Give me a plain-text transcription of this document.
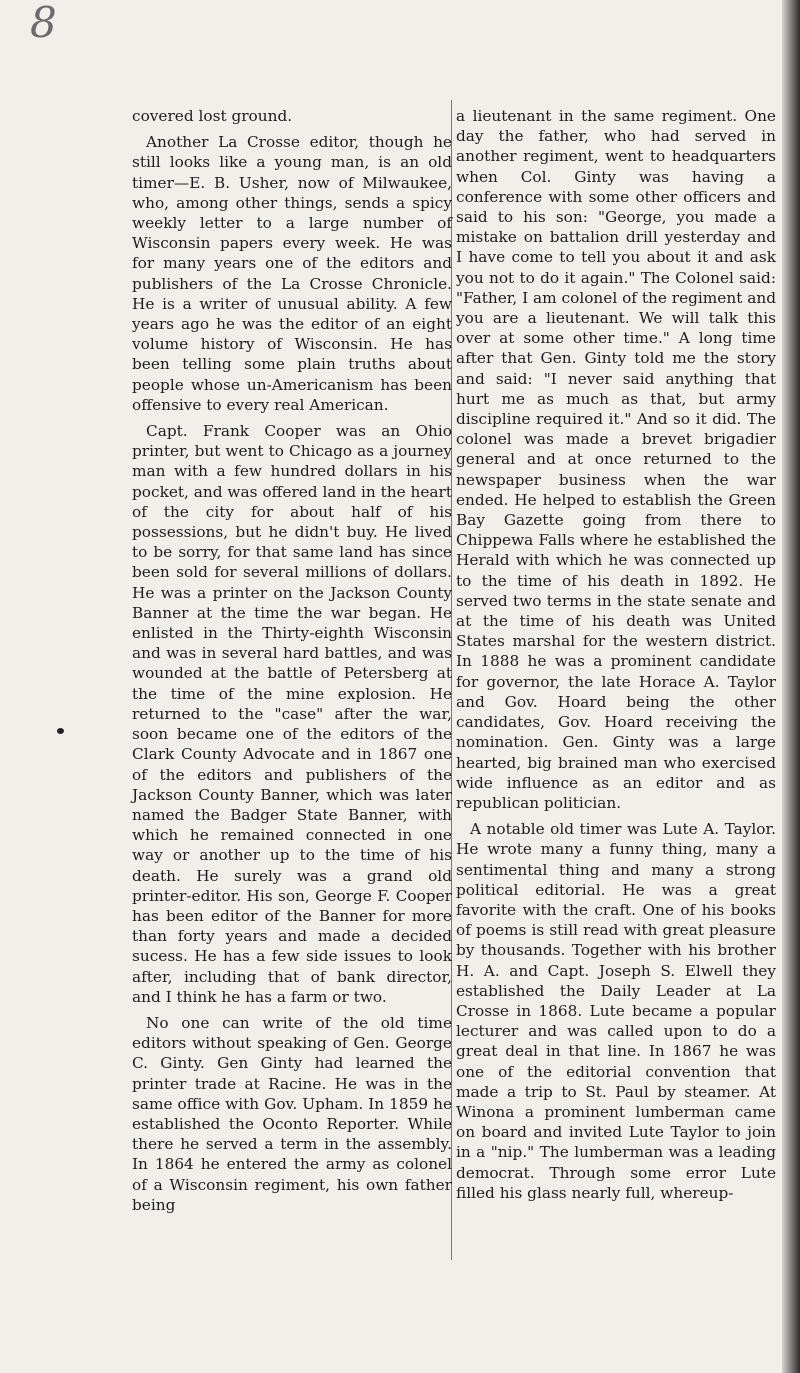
8

covered lost ground.

Another La Crosse editor, though he still looks like a young man, is an old timer—E. B. Usher, now of Milwaukee, who, among other things, sends a spicy weekly letter to a large number of Wisconsin papers every week. He was for many years one of the editors and publishers of the La Crosse Chronicle. He is a writer of unusual ability. A few years ago he was the editor of an eight volume history of Wisconsin. He has been telling some plain truths about people whose un-Americanism has been offensive to every real American.

Capt. Frank Cooper was an Ohio printer, but went to Chicago as a journey man with a few hundred dollars in his pocket, and was offered land in the heart of the city for about half of his possessions, but he didn't buy. He lived to be sorry, for that same land has since been sold for several millions of dollars. He was a printer on the Jackson County Banner at the time the war began. He enlisted in the Thirty-eighth Wisconsin and was in several hard battles, and was wounded at the battle of Petersberg at the time of the mine explosion. He returned to the "case" after the war, soon became one of the editors of the Clark County Advocate and in 1867 one of the editors and publishers of the Jackson County Banner, which was later named the Badger State Banner, with which he remained connected in one way or another up to the time of his death. He surely was a grand old printer-editor. His son, George F. Cooper has been editor of the Banner for more than forty years and made a decided sucess. He has a few side issues to look after, including that of bank director, and I think he has a farm or two.

No one can write of the old time editors without speaking of Gen. George C. Ginty. Gen Ginty had learned the printer trade at Racine. He was in the same office with Gov. Upham. In 1859 he established the Oconto Reporter. While there he served a term in the assembly. In 1864 he entered the army as colonel of a Wisconsin regiment, his own father being

a lieutenant in the same regiment. One day the father, who had served in another regiment, went to headquarters when Col. Ginty was having a conference with some other officers and said to his son: "George, you made a mistake on battalion drill yesterday and I have come to tell you about it and ask you not to do it again." The Colonel said: "Father, I am colonel of the regiment and you are a lieutenant. We will talk this over at some other time." A long time after that Gen. Ginty told me the story and said: "I never said anything that hurt me as much as that, but army discipline required it." And so it did. The colonel was made a brevet brigadier general and at once returned to the newspaper business when the war ended. He helped to establish the Green Bay Gazette going from there to Chippewa Falls where he established the Herald with which he was connected up to the time of his death in 1892. He served two terms in the state senate and at the time of his death was United States marshal for the western district. In 1888 he was a prominent candidate for governor, the late Horace A. Taylor and Gov. Hoard being the other candidates, Gov. Hoard receiving the nomination. Gen. Ginty was a large hearted, big brained man who exercised wide influence as an editor and as republican politician.

A notable old timer was Lute A. Taylor. He wrote many a funny thing, many a sentimental thing and many a strong political editorial. He was a great favorite with the craft. One of his books of poems is still read with great pleasure by thousands. Together with his brother H. A. and Capt. Joseph S. Elwell they established the Daily Leader at La Crosse in 1868. Lute became a popular lecturer and was called upon to do a great deal in that line. In 1867 he was one of the editorial convention that made a trip to St. Paul by steamer. At Winona a prominent lumberman came on board and invited Lute Taylor to join in a "nip." The lumberman was a leading democrat. Through some error Lute filled his glass nearly full, whereup-
